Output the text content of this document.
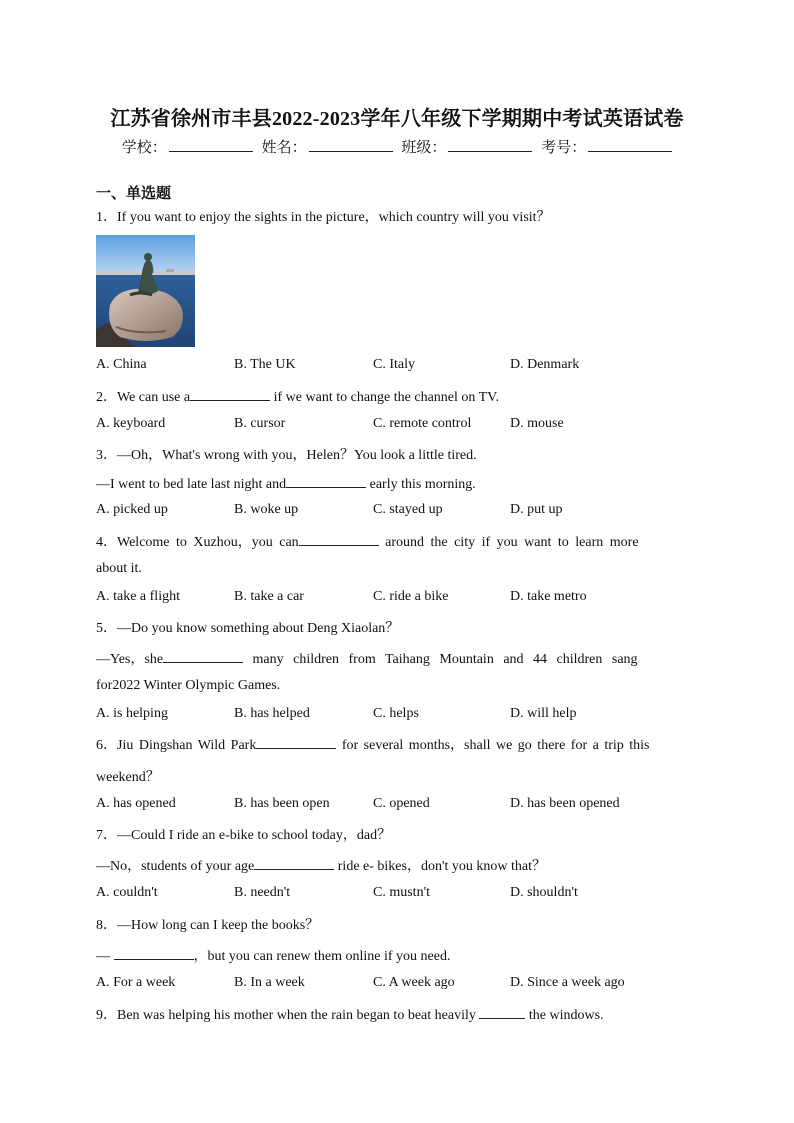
江苏省徐州市丰县2022-2023学年八年级下学期期中考试英语试卷
学校：	姓名：	班级：	考号：
一、单选题
1．If you want to enjoy the sights in the picture，which country will you visit？
A. China	B. The UK	C. Italy	D. Denmark
2．We can use a	if we want to change the channel on TV.
A. keyboard	B. cursor	C. remote control	D. mouse
3．—Oh，What's wrong with you，Helen？You look a little tired.
—I went to bed late last night and	early this morning.
A. picked up	B. woke up	C. stayed up	D. put up
4．Welcome to Xuzhou，you can	around the city if you want to learn more
about it.
A. take a flight	B. take a car	C. ride a bike	D. take metro
5．—Do you know something about Deng Xiaolan？
—Yes，she	many children from Taihang Mountain and 44 children sang
for2022 Winter Olympic Games.
A. is helping	B. has helped	C. helps	D. will help
6．Jiu Dingshan Wild Park	for several months，shall we go there for a trip this
weekend？
A. has opened	B. has been open	C. opened	D. has been opened
7．—Could I ride an e-bike to school today，dad？
—No，students of your age	ride e- bikes，don't you know that？
A. couldn't	B. needn't	C. mustn't	D. shouldn't
8．—How long can I keep the books？
—	，but you can renew them online if you need.
A. For a week	B. In a week	C. A week ago	D. Since a week ago
9．Ben was helping his mother when the rain began to beat heavily	the windows.
